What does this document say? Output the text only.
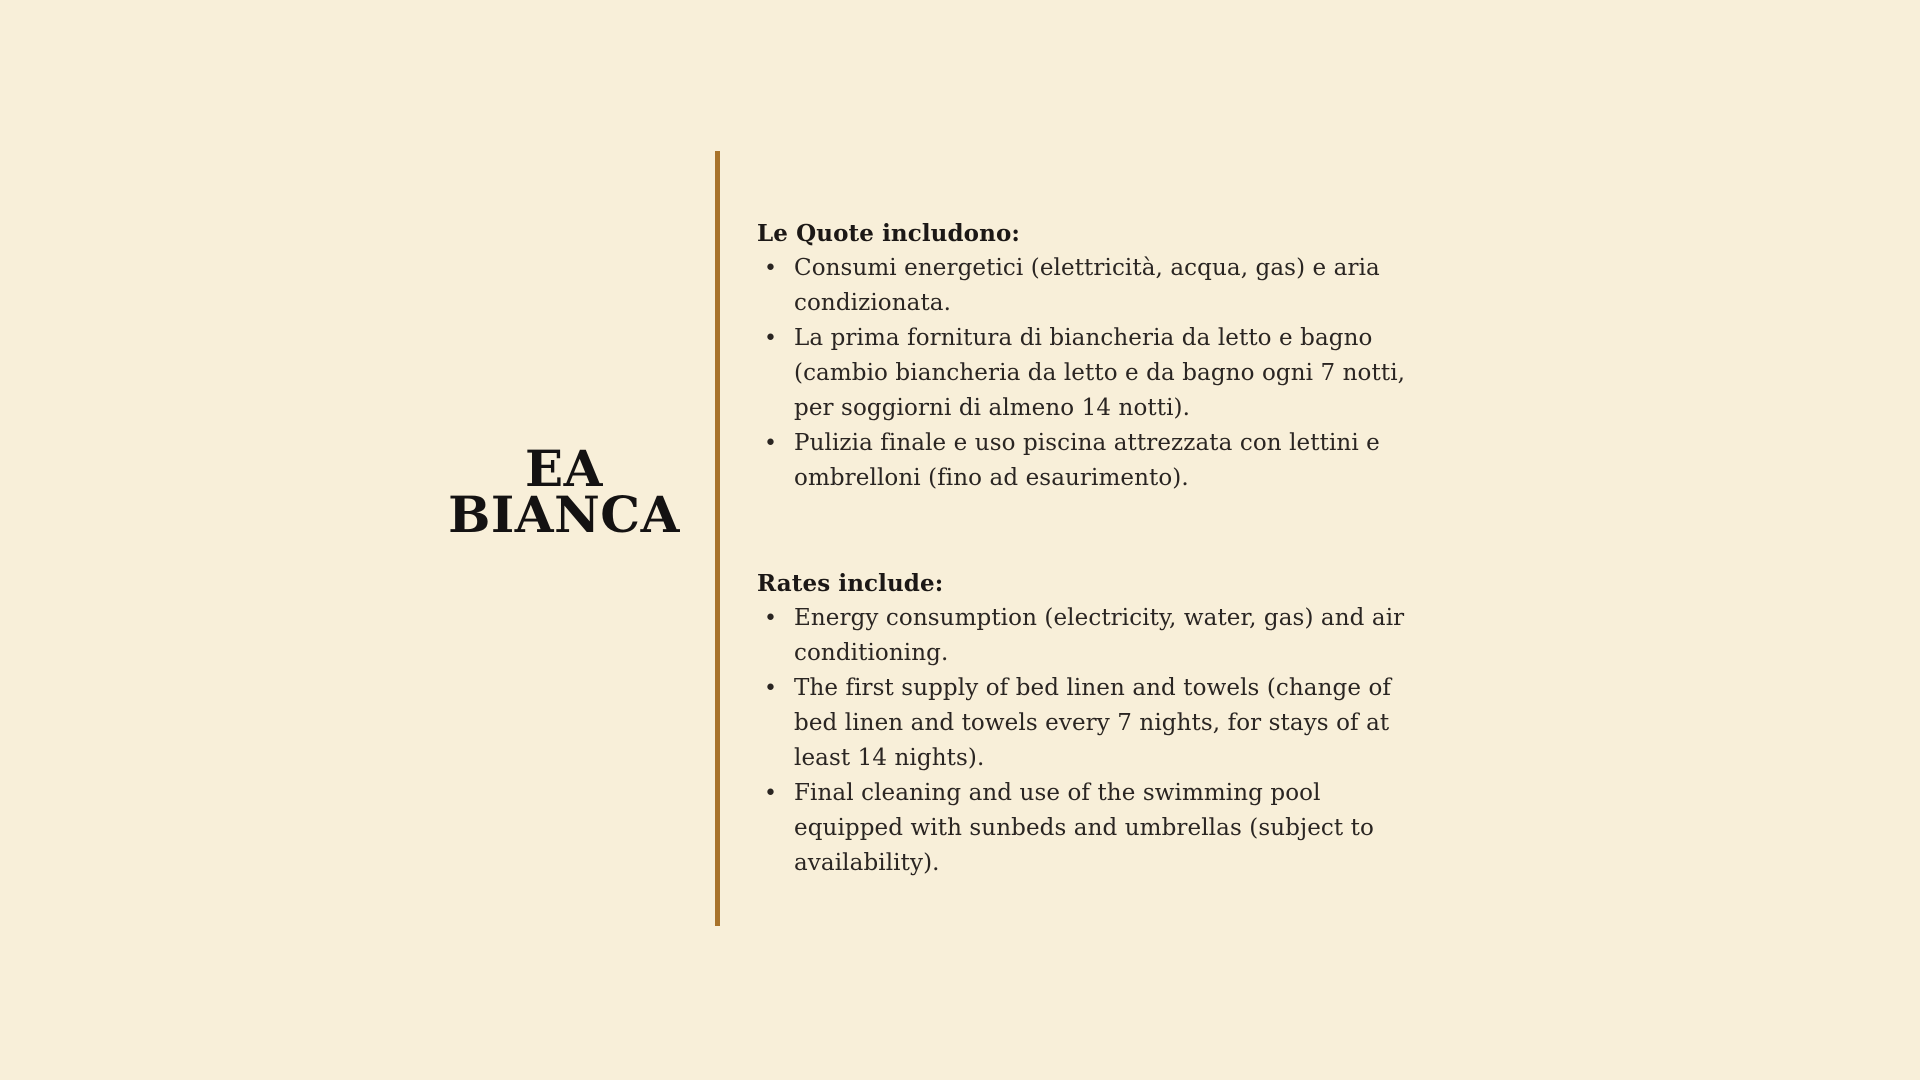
EA
BIANCA

Le Quote includono:

• Consumi energetici (elettricità, acqua, gas) e aria condizionata.
• La prima fornitura di biancheria da letto e bagno (cambio biancheria da letto e da bagno ogni 7 notti, per soggiorni di almeno 14 notti).
• Pulizia finale e uso piscina attrezzata con lettini e ombrelloni (fino ad esaurimento).

Rates include:

• Energy consumption (electricity, water, gas) and air conditioning.
• The first supply of bed linen and towels (change of bed linen and towels every 7 nights, for stays of at least 14 nights).
• Final cleaning and use of the swimming pool equipped with sunbeds and umbrellas (subject to availability).
